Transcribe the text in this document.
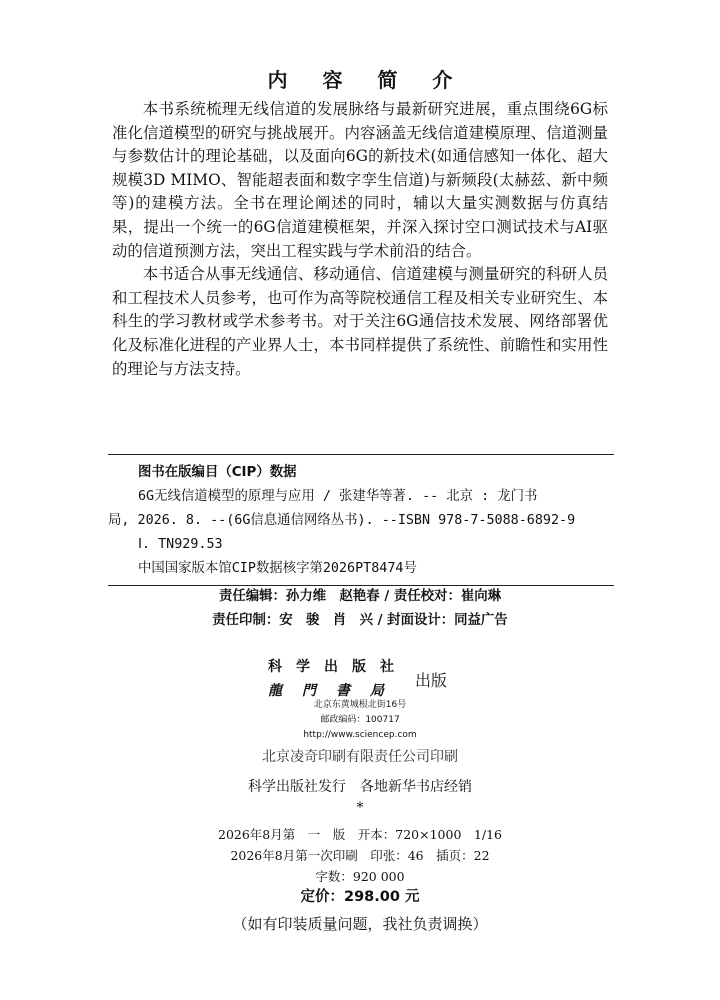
内 容 简 介

本书系统梳理无线信道的发展脉络与最新研究进展，重点围绕6G标准化信道模型的研究与挑战展开。内容涵盖无线信道建模原理、信道测量与参数估计的理论基础，以及面向6G的新技术(如通信感知一体化、超大规模3D MIMO、智能超表面和数字孪生信道)与新频段(太赫兹、新中频等)的建模方法。全书在理论阐述的同时，辅以大量实测数据与仿真结果，提出一个统一的6G信道建模框架，并深入探讨空口测试技术与AI驱动的信道预测方法，突出工程实践与学术前沿的结合。

本书适合从事无线通信、移动通信、信道建模与测量研究的科研人员和工程技术人员参考，也可作为高等院校通信工程及相关专业研究生、本科生的学习教材或学术参考书。对于关注6G通信技术发展、网络部署优化及标准化进程的产业界人士，本书同样提供了系统性、前瞻性和实用性的理论与方法支持。

图书在版编目（CIP）数据
6G无线信道模型的原理与应用 / 张建华等著. -- 北京 : 龙门书
局, 2026. 8. --(6G信息通信网络丛书). --ISBN 978-7-5088-6892-9
Ⅰ. TN929.53
中国国家版本馆CIP数据核字第2026PT8474号
责任编辑：孙力维　赵艳春 / 责任校对：崔向琳
责任印制：安　骏　肖　兴 / 封面设计：同益广告
科学出版社
龍門書局
出版
北京东黄城根北街16号
邮政编码：100717
http://www.sciencep.com
北京凌奇印刷有限责任公司印刷
科学出版社发行　各地新华书店经销
*
2026年8月第　一　版　开本：720×1000　1/16
2026年8月第一次印刷　印张：46　插页：22
字数：920 000
定价：298.00 元
（如有印装质量问题，我社负责调换）
